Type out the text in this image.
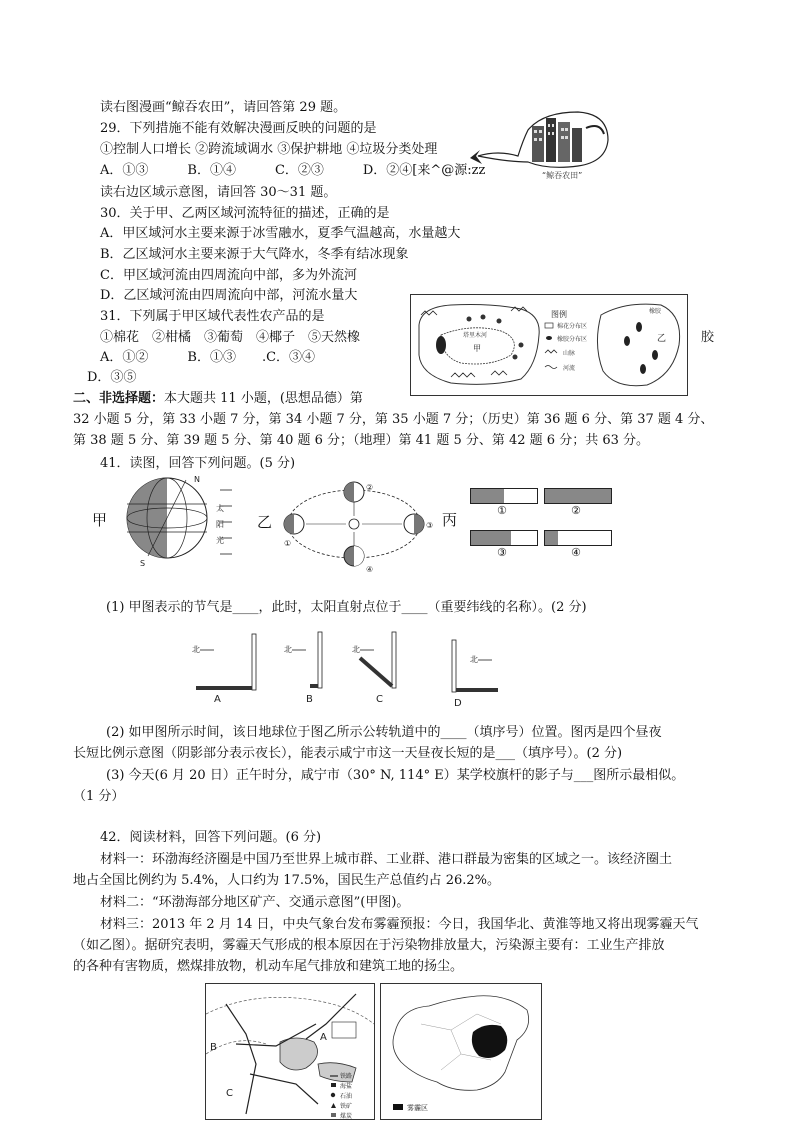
读右图漫画“鲸吞农田”，请回答第 29 题。
29．下列措施不能有效解决漫画反映的问题的是
①控制人口增长 ②跨流域调水 ③保护耕地 ④垃圾分类处理
A．①③　　　B．①④　　　C．②③　　　D．②④[来^@源:zz	“鲸吞农田”
读右边区域示意图，请回答 30～31 题。
30．关于甲、乙两区域河流特征的描述，正确的是
A．甲区域河水主要来源于冰雪融水，夏季气温越高，水量越大
B．乙区域河水主要来源于大气降水，冬季有结冰现象
C．甲区域河流由四周流向中部，多为外流河
D．乙区域河流由四周流向中部，河流水量大
31．下列属于甲区域代表性农产品的是
①棉花　②柑橘　③葡萄　④椰子　⑤天然橡	胶
A．①②　　　B．①③　　.C．③④
D．③⑤
塔里木河
甲
图例
棉花分布区
橡胶分布区
山脉
河流
橡胶
乙
二、非选择题：本大题共 11 小题，(思想品德）第
32 小题 5 分，第 33 小题 7 分，第 34 小题 7 分，第 35 小题 7 分；（历史）第 36 题 6 分、第 37 题 4 分、
第 38 题 5 分、第 39 题 5 分、第 40 题 6 分；（地理）第 41 题 5 分、第 42 题 6 分；共 63 分。
41．读图，回答下列问题。(5 分)
甲
N
S
太阳光 乙
①
②
③
④
丙
①	②
③	④
(1) 甲图表示的节气是____，此时，太阳直射点位于____（重要纬线的名称）。(2 分)
北
A
北
B
北
C
北
D
(2) 如甲图所示时间，该日地球位于图乙所示公转轨道中的____（填序号）位置。图丙是四个昼夜
长短比例示意图（阴影部分表示夜长），能表示咸宁市这一天昼夜长短的是___（填序号）。(2 分)
(3) 今天(6 月 20 日）正午时分，咸宁市（30° N, 114° E）某学校旗杆的影子与___图所示最相似。
（1 分）
42．阅读材料，回答下列问题。(6 分)
材料一：环渤海经济圈是中国乃至世界上城市群、工业群、港口群最为密集的区域之一。该经济圈土
地占全国比例约为 5.4%，人口约为 17.5%，国民生产总值约占 26.2%。
材料二：“环渤海部分地区矿产、交通示意图”(甲图)。
材料三：2013 年 2 月 14 日，中央气象台发布雾霾预报：今日，我国华北、黄淮等地又将出现雾霾天气
（如乙图）。据研究表明，雾霾天气形成的根本原因在于污染物排放量大，污染源主要有：工业生产排放
的各种有害物质，燃煤排放物，机动车尾气排放和建筑工地的扬尘。
A
B
C
铁路
海盐
石油
铁矿
煤炭
雾霾区
